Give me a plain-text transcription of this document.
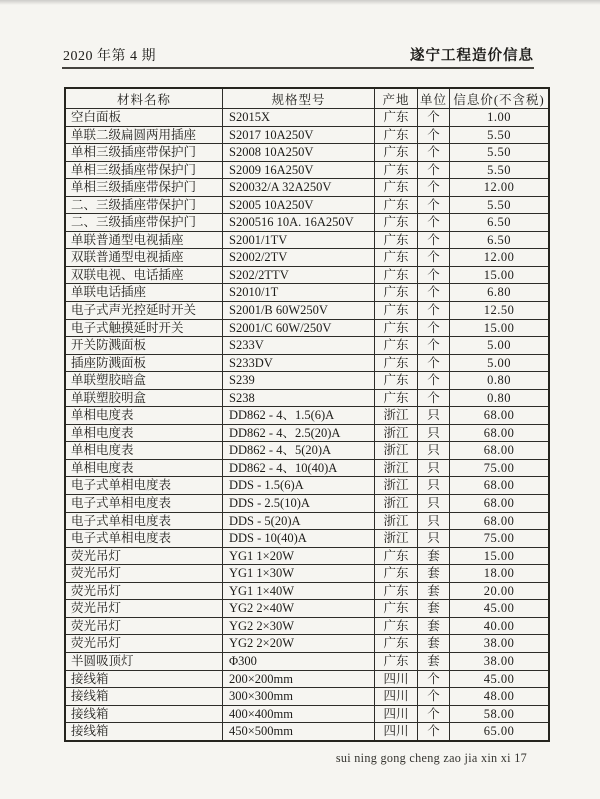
2020 年第 4 期	遂宁工程造价信息
材料名称	规格型号	产地	单位	信息价(不含税)
空白面板	S2015X	广东	个	1.00
单联二级扁圆两用插座	S2017 10A250V	广东	个	5.50
单相三级插座带保护门	S2008 10A250V	广东	个	5.50
单相三级插座带保护门	S2009 16A250V	广东	个	5.50
单相三级插座带保护门	S20032/A 32A250V	广东	个	12.00
二、三级插座带保护门	S2005 10A250V	广东	个	5.50
二、三级插座带保护门	S200516 10A. 16A250V	广东	个	6.50
单联普通型电视插座	S2001/1TV	广东	个	6.50
双联普通型电视插座	S2002/2TV	广东	个	12.00
双联电视、电话插座	S202/2TTV	广东	个	15.00
单联电话插座	S2010/1T	广东	个	6.80
电子式声光控延时开关	S2001/B 60W250V	广东	个	12.50
电子式触摸延时开关	S2001/C 60W/250V	广东	个	15.00
开关防溅面板	S233V	广东	个	5.00
插座防溅面板	S233DV	广东	个	5.00
单联塑胶暗盒	S239	广东	个	0.80
单联塑胶明盒	S238	广东	个	0.80
单相电度表	DD862 - 4、1.5(6)A	浙江	只	68.00
单相电度表	DD862 - 4、2.5(20)A	浙江	只	68.00
单相电度表	DD862 - 4、5(20)A	浙江	只	68.00
单相电度表	DD862 - 4、10(40)A	浙江	只	75.00
电子式单相电度表	DDS - 1.5(6)A	浙江	只	68.00
电子式单相电度表	DDS - 2.5(10)A	浙江	只	68.00
电子式单相电度表	DDS - 5(20)A	浙江	只	68.00
电子式单相电度表	DDS - 10(40)A	浙江	只	75.00
荧光吊灯	YG1 1×20W	广东	套	15.00
荧光吊灯	YG1 1×30W	广东	套	18.00
荧光吊灯	YG1 1×40W	广东	套	20.00
荧光吊灯	YG2 2×40W	广东	套	45.00
荧光吊灯	YG2 2×30W	广东	套	40.00
荧光吊灯	YG2 2×20W	广东	套	38.00
半圆吸顶灯	Φ300	广东	套	38.00
接线箱	200×200mm	四川	个	45.00
接线箱	300×300mm	四川	个	48.00
接线箱	400×400mm	四川	个	58.00
接线箱	450×500mm	四川	个	65.00
sui ning gong cheng zao jia xin xi 17
